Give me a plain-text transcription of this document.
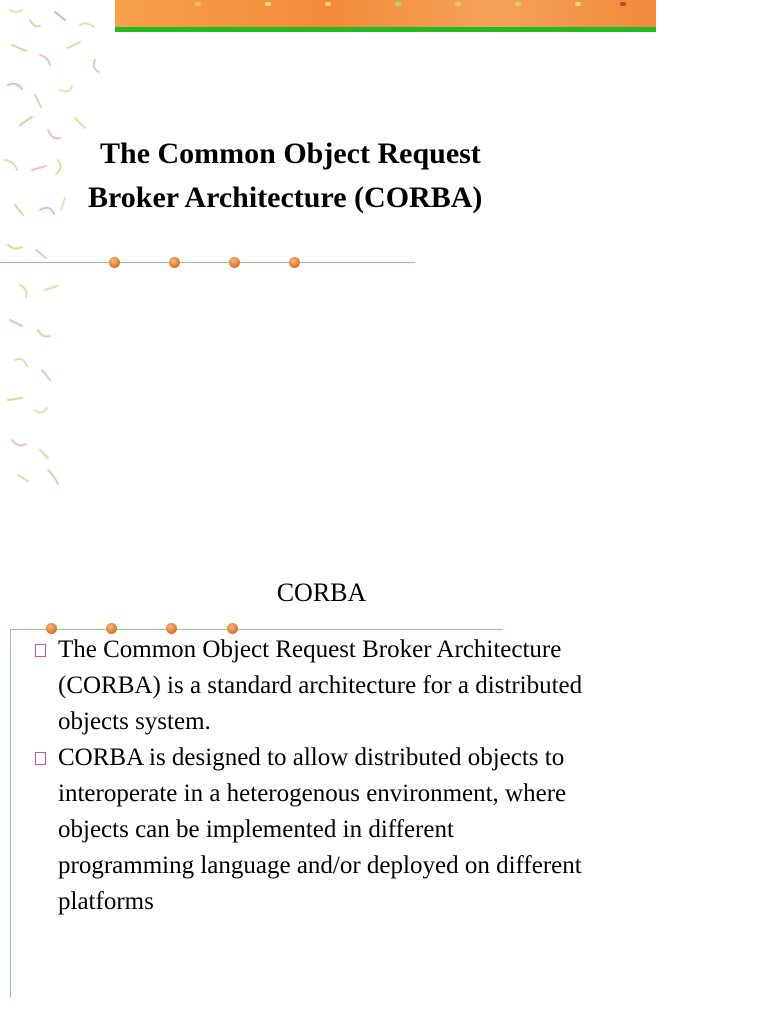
The Common Object Request
Broker Architecture (CORBA)
CORBA
The Common Object Request Broker Architecture (CORBA) is a standard architecture for a distributed objects system.
CORBA is designed to allow distributed objects to interoperate in a heterogenous environment, where objects can be implemented in different programming language and/or deployed on different platforms
